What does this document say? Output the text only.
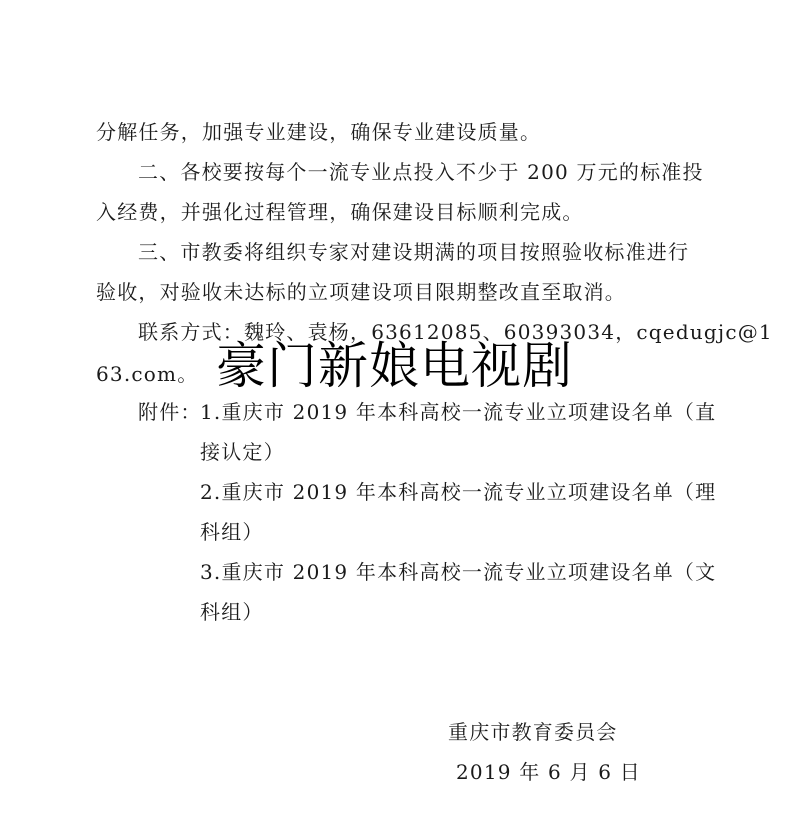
分解任务，加强专业建设，确保专业建设质量。
二、各校要按每个一流专业点投入不少于 200 万元的标准投
入经费，并强化过程管理，确保建设目标顺利完成。
三、市教委将组织专家对建设期满的项目按照验收标准进行
验收，对验收未达标的立项建设项目限期整改直至取消。
联系方式：魏玲、袁杨，63612085、60393034，cqedugjc@1
63.com。
附件：
1.重庆市 2019 年本科高校一流专业立项建设名单（直
接认定）
2.重庆市 2019 年本科高校一流专业立项建设名单（理
科组）
3.重庆市 2019 年本科高校一流专业立项建设名单（文
科组）
重庆市教育委员会
2019 年 6 月 6 日
豪门新娘电视剧
